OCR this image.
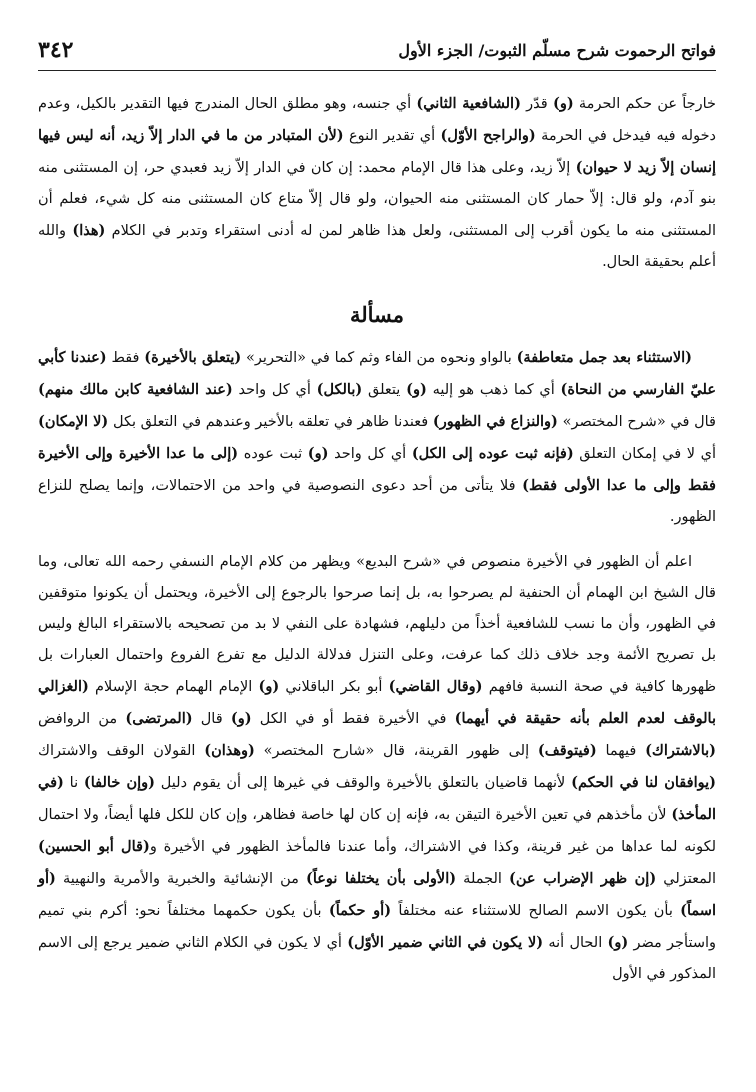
فواتح الرحموت شرح مسلّم الثبوت/ الجزء الأول
٣٤٢

خارجاً عن حكم الحرمة (و) قدّر (الشافعية الثاني) أي جنسه، وهو مطلق الحال المندرج فيها التقدير بالكيل، وعدم دخوله فيه فيدخل في الحرمة (والراجح الأوّل) أي تقدير النوع (لأن المتبادر من ما في الدار إلاّ زيد، أنه ليس فيها إنسان إلاّ زيد لا حيوان) إلاّ زيد، وعلى هذا قال الإمام محمد: إن كان في الدار إلاّ زيد فعبدي حر، إن المستثنى منه بنو آدم، ولو قال: إلاّ حمار كان المستثنى منه الحيوان، ولو قال إلاّ متاع كان المستثنى منه كل شيء، فعلم أن المستثنى منه ما يكون أقرب إلى المستثنى، ولعل هذا ظاهر لمن له أدنى استقراء وتدبر في الكلام (هذا) والله أعلم بحقيقة الحال.

مسألة

(الاستثناء بعد جمل متعاطفة) بالواو ونحوه من الفاء وثم كما في «التحرير» (يتعلق بالأخيرة) فقط (عندنا كأبي عليّ الفارسي من النحاة) أي كما ذهب هو إليه (و) يتعلق (بالكل) أي كل واحد (عند الشافعية كابن مالك منهم) قال في «شرح المختصر» (والنزاع في الظهور) فعندنا ظاهر في تعلقه بالأخير وعندهم في التعلق بكل (لا الإمكان) أي لا في إمكان التعلق (فإنه ثبت عوده إلى الكل) أي كل واحد (و) ثبت عوده (إلى ما عدا الأخيرة وإلى الأخيرة فقط وإلى ما عدا الأولى فقط) فلا يتأتى من أحد دعوى النصوصية في واحد من الاحتمالات، وإنما يصلح للنزاع الظهور.

اعلم أن الظهور في الأخيرة منصوص في «شرح البديع» ويظهر من كلام الإمام النسفي رحمه الله تعالى، وما قال الشيخ ابن الهمام أن الحنفية لم يصرحوا به، بل إنما صرحوا بالرجوع إلى الأخيرة، ويحتمل أن يكونوا متوقفين في الظهور، وأن ما نسب للشافعية أخذاً من دليلهم، فشهادة على النفي لا بد من تصحيحه بالاستقراء البالغ وليس بل تصريح الأئمة وجد خلاف ذلك كما عرفت، وعلى التنزل فدلالة الدليل مع تفرع الفروع واحتمال العبارات بل ظهورها كافية في صحة النسبة فافهم (وقال القاضي) أبو بكر الباقلاني (و) الإمام الهمام حجة الإسلام (الغزالي بالوقف لعدم العلم بأنه حقيقة في أيهما) في الأخيرة فقط أو في الكل (و) قال (المرتضى) من الروافض (بالاشتراك) فيهما (فيتوقف) إلى ظهور القرينة، قال «شارح المختصر» (وهذان) القولان الوقف والاشتراك (يوافقان لنا في الحكم) لأنهما قاضيان بالتعلق بالأخيرة والوقف في غيرها إلى أن يقوم دليل (وإن خالفا) نا (في المأخذ) لأن مأخذهم في تعين الأخيرة التيقن به، فإنه إن كان لها خاصة فظاهر، وإن كان للكل فلها أيضاً، ولا احتمال لكونه لما عداها من غير قرينة، وكذا في الاشتراك، وأما عندنا فالمأخذ الظهور في الأخيرة و(قال أبو الحسين) المعتزلي (إن ظهر الإضراب عن) الجملة (الأولى بأن يختلفا نوعاً) من الإنشائية والخبرية والأمرية والنهيية (أو اسماً) بأن يكون الاسم الصالح للاستثناء عنه مختلفاً (أو حكماً) بأن يكون حكمهما مختلفاً نحو: أكرم بني تميم واستأجر مضر (و) الحال أنه (لا يكون في الثاني ضمير الأوّل) أي لا يكون في الكلام الثاني ضمير يرجع إلى الاسم المذكور في الأول
